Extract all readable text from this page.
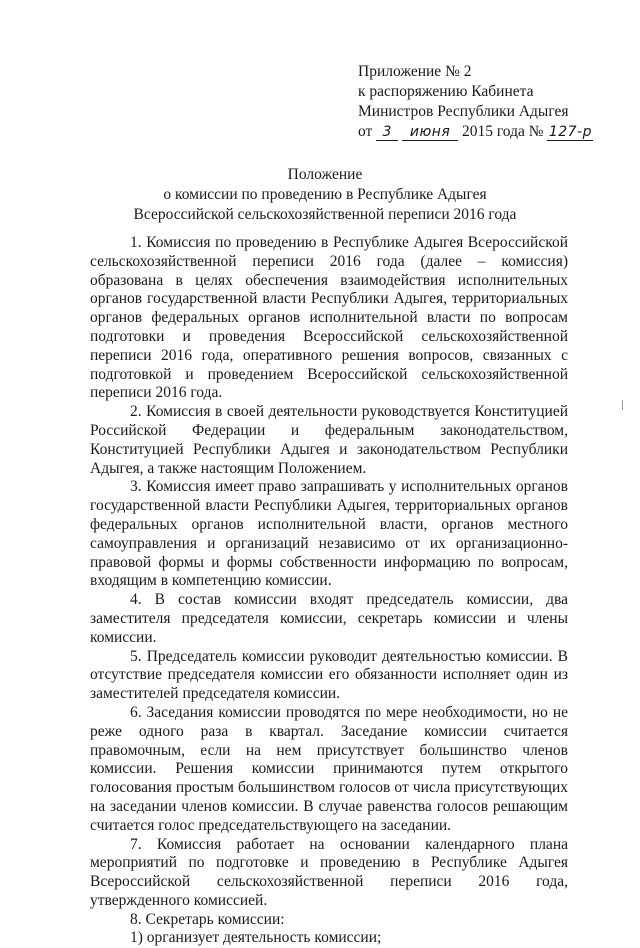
Приложение № 2
к распоряжению Кабинета
Министров Республики Адыгея
от 3 июня 2015 года № 127-р
Положение
о комиссии по проведению в Республике Адыгея
Всероссийской сельскохозяйственной переписи 2016 года

1. Комиссия по проведению в Республике Адыгея Всероссийской сельскохозяйственной переписи 2016 года (далее – комиссия) образована в целях обеспечения взаимодействия исполнительных органов государственной власти Республики Адыгея, территориальных органов федеральных органов исполнительной власти по вопросам подготовки и проведения Всероссийской сельскохозяйственной переписи 2016 года, оперативного решения вопросов, связанных с подготовкой и проведением Всероссийской сельскохозяйственной переписи 2016 года.

2. Комиссия в своей деятельности руководствуется Конституцией Российской Федерации и федеральным законодательством, Конституцией Республики Адыгея и законодательством Республики Адыгея, а также настоящим Положением.

3. Комиссия имеет право запрашивать у исполнительных органов государственной власти Республики Адыгея, территориальных органов федеральных органов исполнительной власти, органов местного самоуправления и организаций независимо от их организационно-правовой формы и формы собственности информацию по вопросам, входящим в компетенцию комиссии.

4. В состав комиссии входят председатель комиссии, два заместителя председателя комиссии, секретарь комиссии и члены комиссии.

5. Председатель комиссии руководит деятельностью комиссии. В отсутствие председателя комиссии его обязанности исполняет один из заместителей председателя комиссии.

6. Заседания комиссии проводятся по мере необходимости, но не реже одного раза в квартал. Заседание комиссии считается правомочным, если на нем присутствует большинство членов комиссии. Решения комиссии принимаются путем открытого голосования простым большинством голосов от числа присутствующих на заседании членов комиссии. В случае равенства голосов решающим считается голос председательствующего на заседании.

7. Комиссия работает на основании календарного плана мероприятий по подготовке и проведению в Республике Адыгея Всероссийской сельскохозяйственной переписи 2016 года, утвержденного комиссией.

8. Секретарь комиссии:

1) организует деятельность комиссии;
